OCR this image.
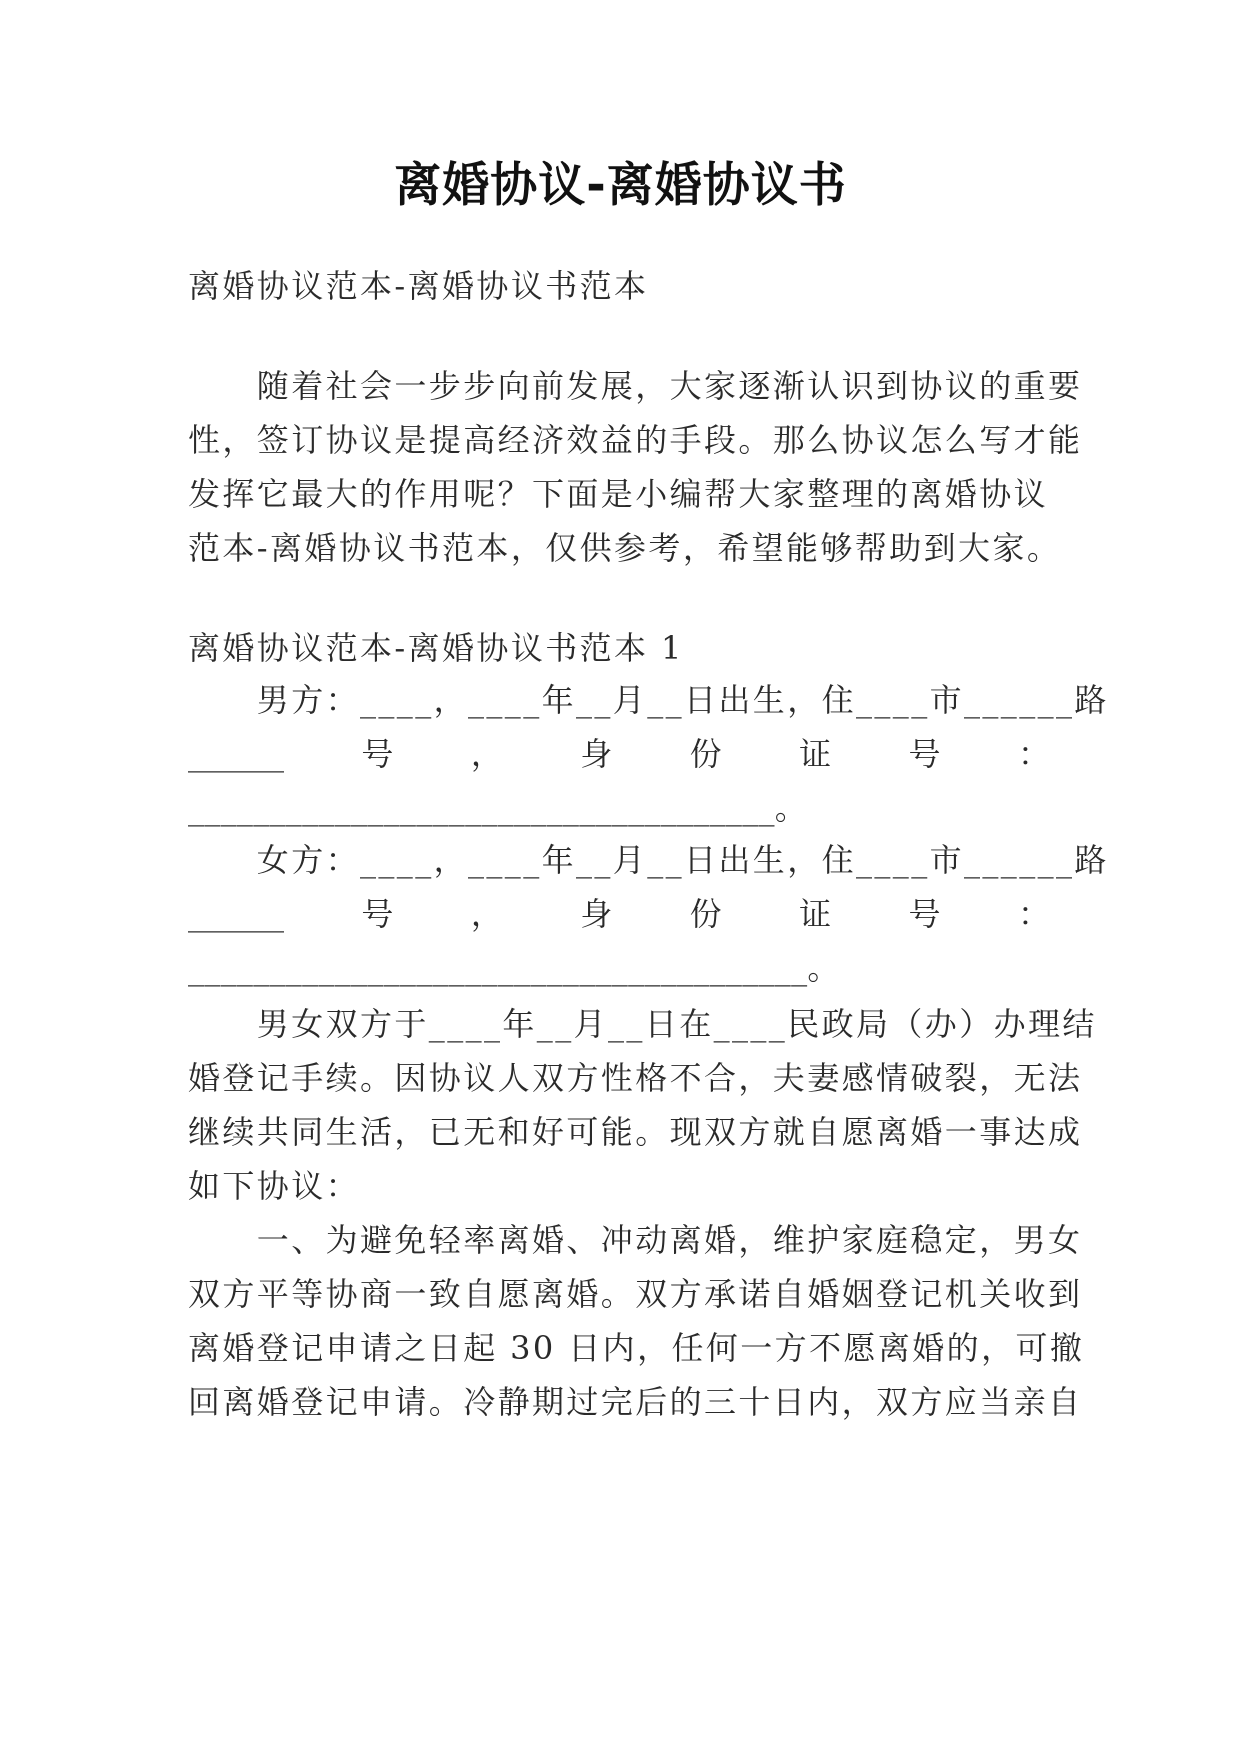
离婚协议-离婚协议书
离婚协议范本-离婚协议书范本
　　随着社会一步步向前发展，大家逐渐认识到协议的重要
性，签订协议是提高经济效益的手段。那么协议怎么写才能
发挥它最大的作用呢？下面是小编帮大家整理的离婚协议
范本-离婚协议书范本，仅供参考，希望能够帮助到大家。
离婚协议范本-离婚协议书范本 1
　　男方：____，____年__月__日出生，住____市______路
______ 号 ， 身 份 证 号 ：
____________________________________。
　　女方：____，____年__月__日出生，住____市______路
______ 号 ， 身 份 证 号 ：
______________________________________。
　　男女双方于____年__月__日在____民政局（办）办理结
婚登记手续。因协议人双方性格不合，夫妻感情破裂，无法
继续共同生活，已无和好可能。现双方就自愿离婚一事达成
如下协议：
　　一、为避免轻率离婚、冲动离婚，维护家庭稳定，男女
双方平等协商一致自愿离婚。双方承诺自婚姻登记机关收到
离婚登记申请之日起 30 日内，任何一方不愿离婚的，可撤
回离婚登记申请。冷静期过完后的三十日内，双方应当亲自
